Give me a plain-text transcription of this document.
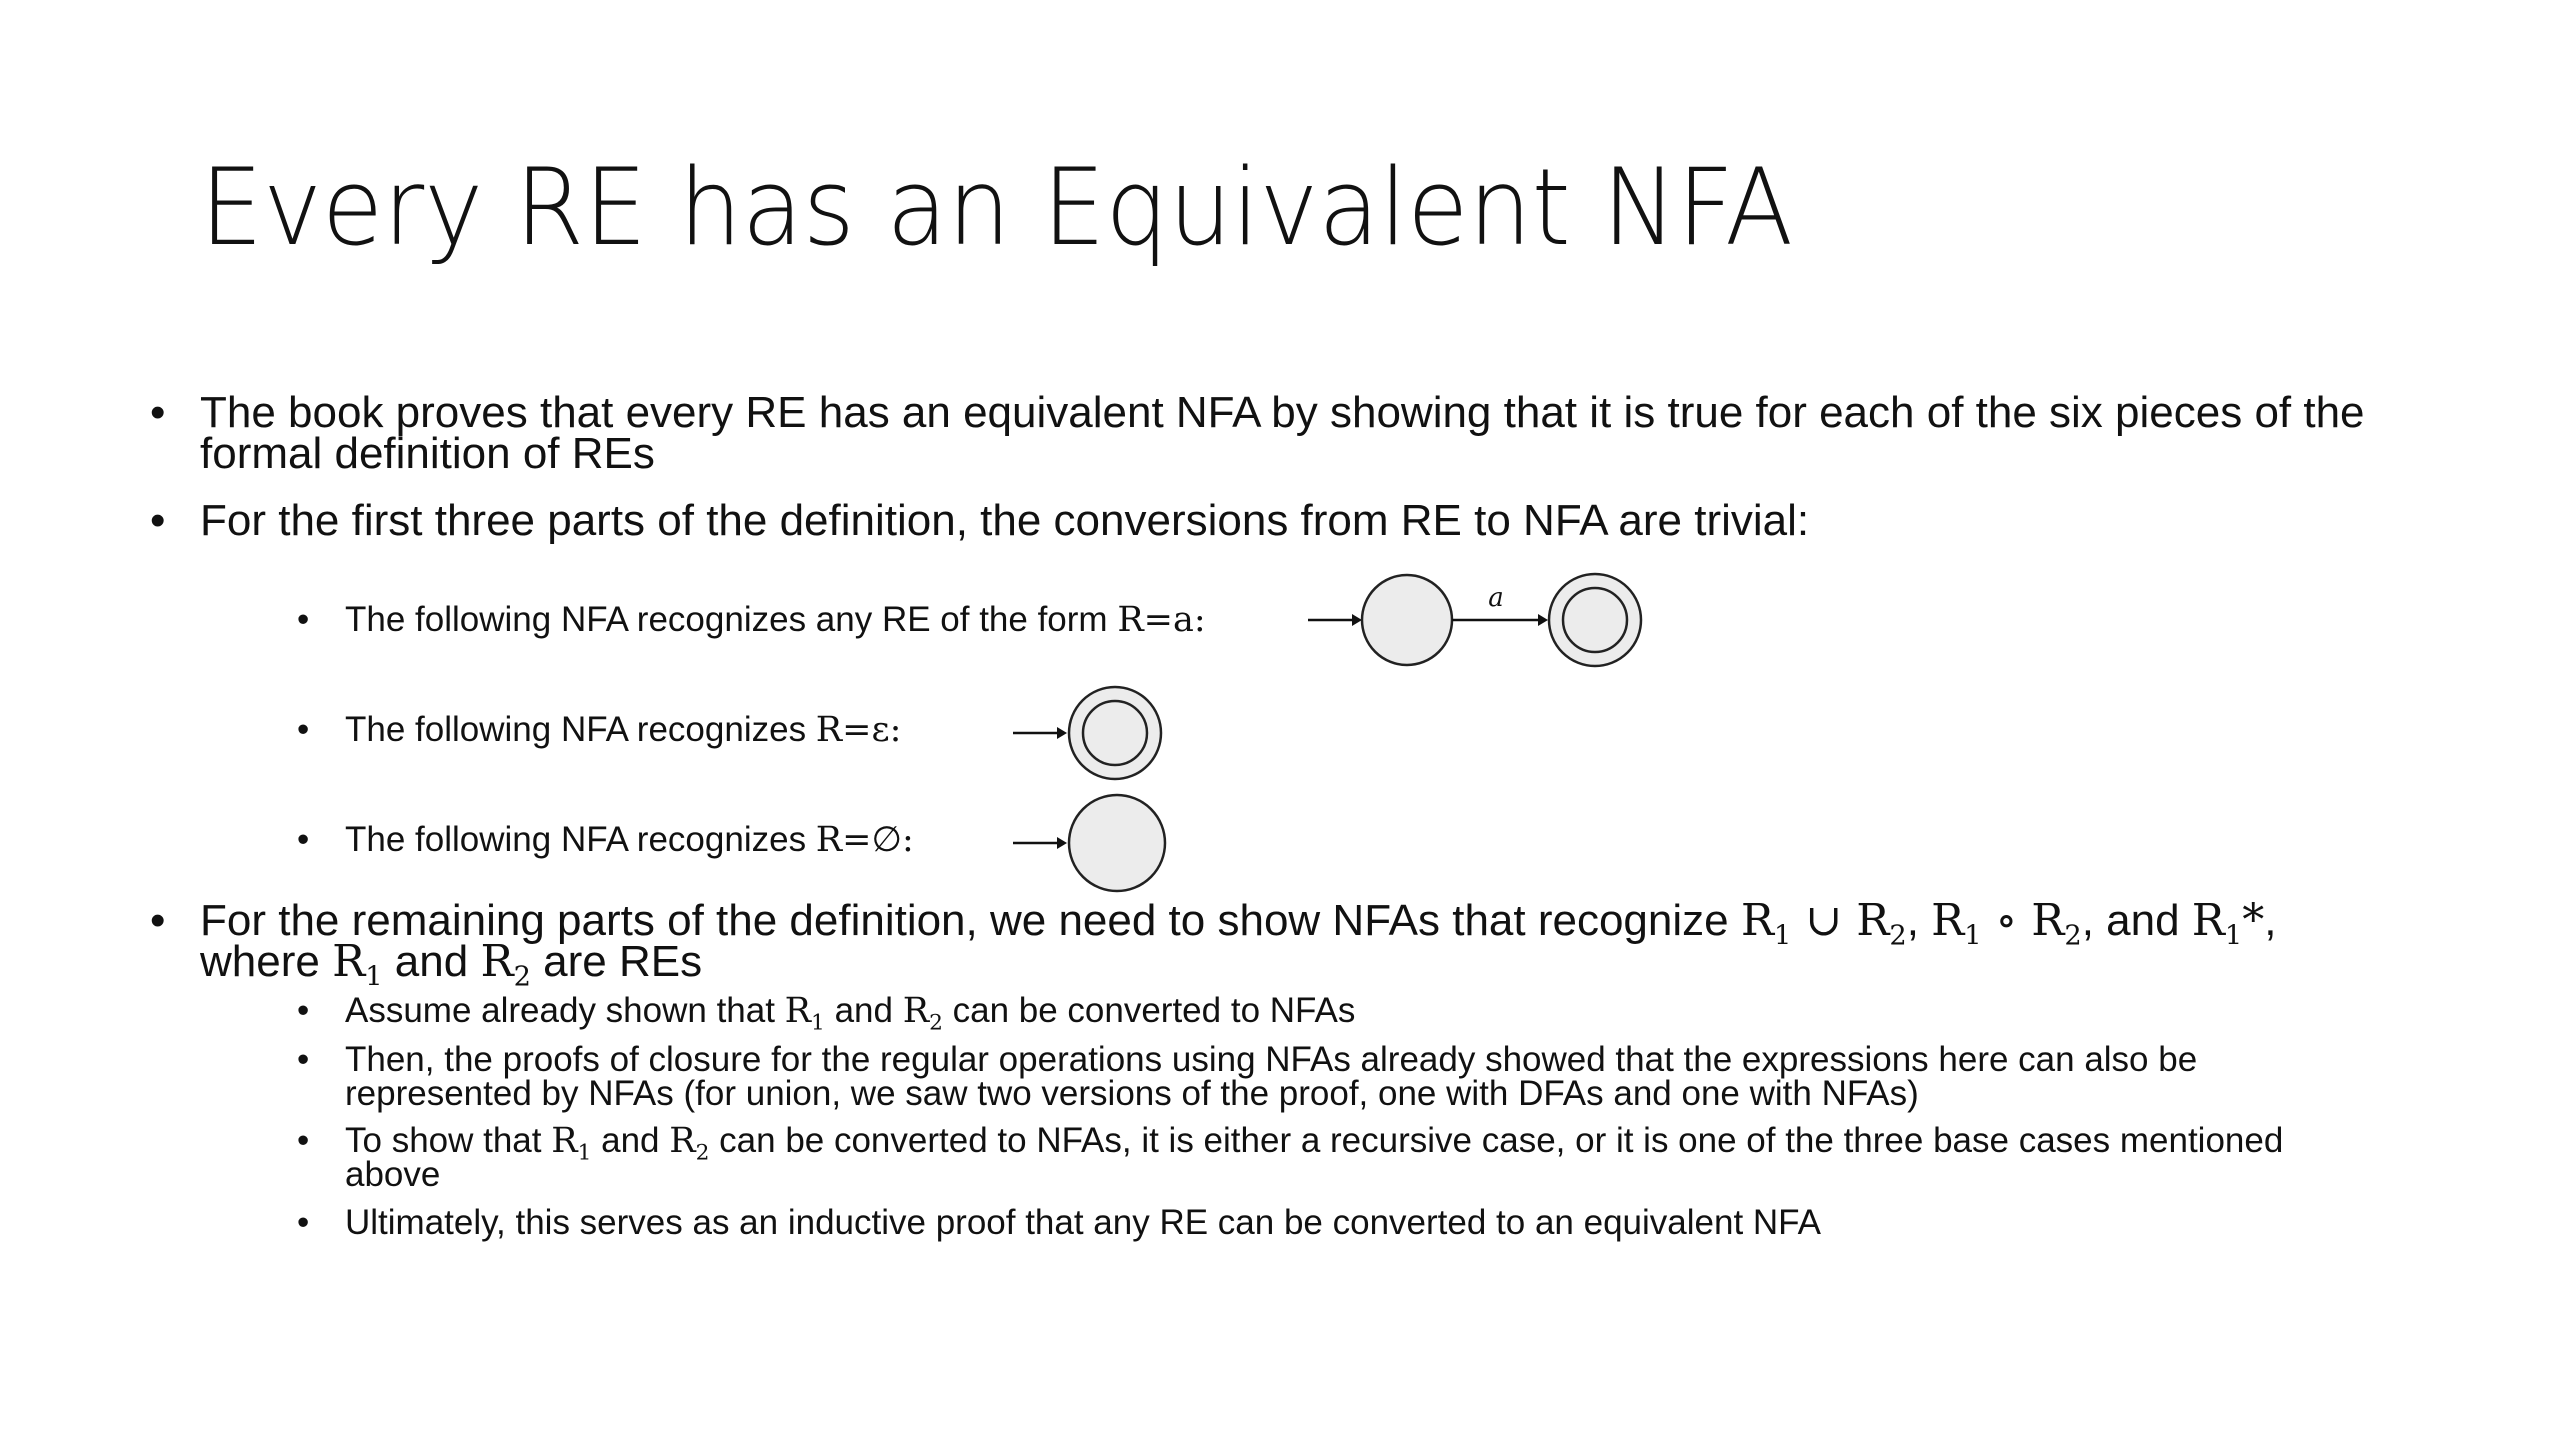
Every RE has an Equivalent NFA
• The book proves that every RE has an equivalent NFA by showing that it is true for each of the six pieces of the formal definition of REs
• For the first three parts of the definition, the conversions from RE to NFA are trivial:
• The following NFA recognizes any RE of the form R=a:
a
• The following NFA recognizes R=ε:
• The following NFA recognizes R=∅:
• For the remaining parts of the definition, we need to show NFAs that recognize $R_1$ ∪ $R_2$, $R_1$ ∘ $R_2$, and $R_1*$,
where $R_1$ and $R_2$ are REs
• Assume already shown that $R_1$ and $R_2$ can be converted to NFAs
• Then, the proofs of closure for the regular operations using NFAs already showed that the expressions here can also be represented by NFAs (for union, we saw two versions of the proof, one with DFAs and one with NFAs)
• To show that $R_1$ and $R_2$ can be converted to NFAs, it is either a recursive case, or it is one of the three base cases mentioned above
• Ultimately, this serves as an inductive proof that any RE can be converted to an equivalent NFA
